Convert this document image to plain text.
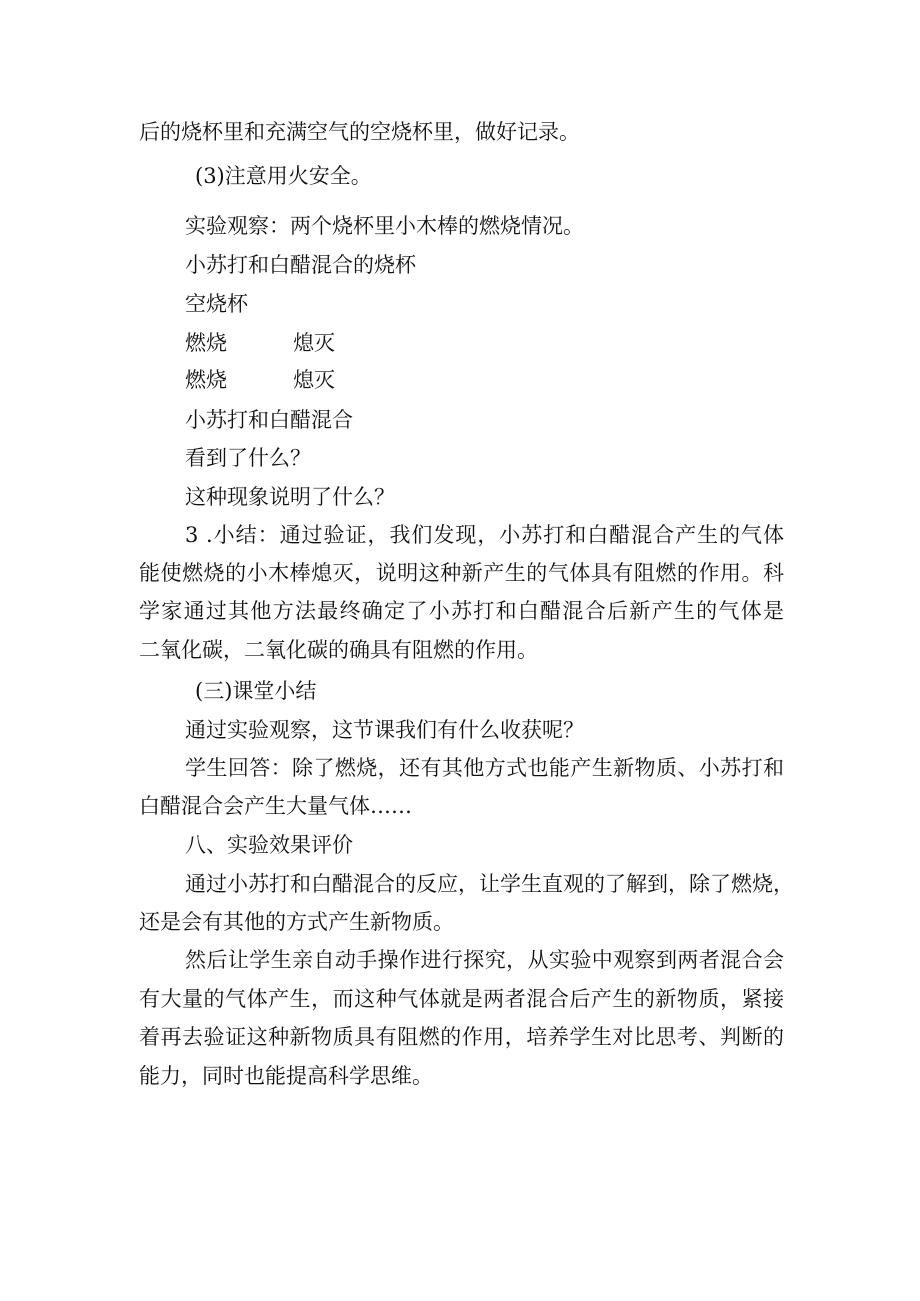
后的烧杯里和充满空气的空烧杯里，做好记录。
(3)注意用火安全。
实验观察：两个烧杯里小木棒的燃烧情况。
小苏打和白醋混合的烧杯
空烧杯
燃烧	熄灭
燃烧	熄灭
小苏打和白醋混合
看到了什么？
这种现象说明了什么？
3 .小结：通过验证，我们发现，小苏打和白醋混合产生的气体
能使燃烧的小木棒熄灭，说明这种新产生的气体具有阻燃的作用。科
学家通过其他方法最终确定了小苏打和白醋混合后新产生的气体是
二氧化碳，二氧化碳的确具有阻燃的作用。
(三)课堂小结
通过实验观察，这节课我们有什么收获呢？
学生回答：除了燃烧，还有其他方式也能产生新物质、小苏打和
白醋混合会产生大量气体……
八、实验效果评价
通过小苏打和白醋混合的反应，让学生直观的了解到，除了燃烧，
还是会有其他的方式产生新物质。
然后让学生亲自动手操作进行探究，从实验中观察到两者混合会
有大量的气体产生，而这种气体就是两者混合后产生的新物质，紧接
着再去验证这种新物质具有阻燃的作用，培养学生对比思考、判断的
能力，同时也能提高科学思维。
